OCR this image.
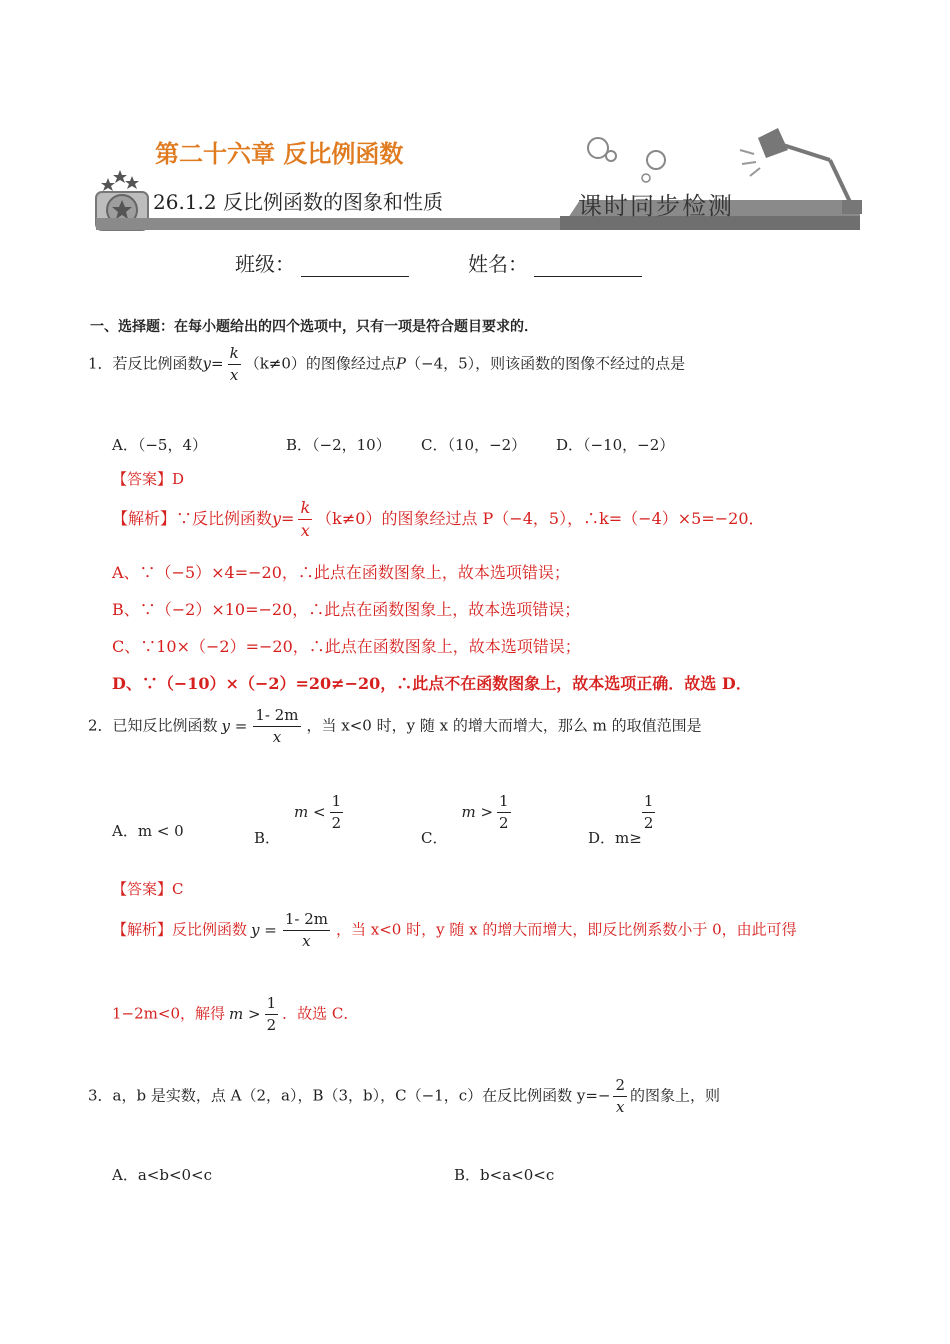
第二十六章 反比例函数
26.1.2 反比例函数的图象和性质	课时同步检测
班级：	姓名：
一、选择题：在每小题给出的四个选项中，只有一项是符合题目要求的．
1．若反比例函数$y= \frac{k}{x} (k\ne 0)$的图像经过点P（−4，5），则该函数的图像不经过的点是
A．（−5，4）	B．（−2，10） C．（10，−2） D．（−10，−2）
【答案】D
【解析】∵反比例函数$y= \frac{k}{x} (k\ne 0)$的图象经过点 P（−4，5），∴k=（−4）×5=−20．
A、∵（−5）×4=−20，∴此点在函数图象上，故本选项错误；
B、∵（−2）×10=−20，∴此点在函数图象上，故本选项错误；
C、∵10×（−2）=−20，∴此点在函数图象上，故本选项错误；
D、∵（−10）×（−2）=20≠−20，∴此点不在函数图象上，故本选项正确．故选 D．
2．已知反比例函数 $y = \frac{1- 2m}{x}$ ，当 x<0 时，y 随 x 的增大而增大，那么 m 的取值范围是
A．m < 0	B．$m < \frac{1}{2}$
C．$m > \frac{1}{2}$
D．m≥
$\frac{1}{2}$
【答案】C
【解析】反比例函数 $y = \frac{1- 2m}{x}$ ，当 x<0 时，y 随 x 的增大而增大，即反比例系数小于 0，由此可得
1−2m<0，解得 $m > \frac{1}{2}$ ．故选 C．
3．a，b 是实数，点 A（2，a），B（3，b），C（−1，c）在反比例函数 $y=- \frac{2}{x}$ 的图象上，则
A．a<b<0<c	B．b<a<0<c
